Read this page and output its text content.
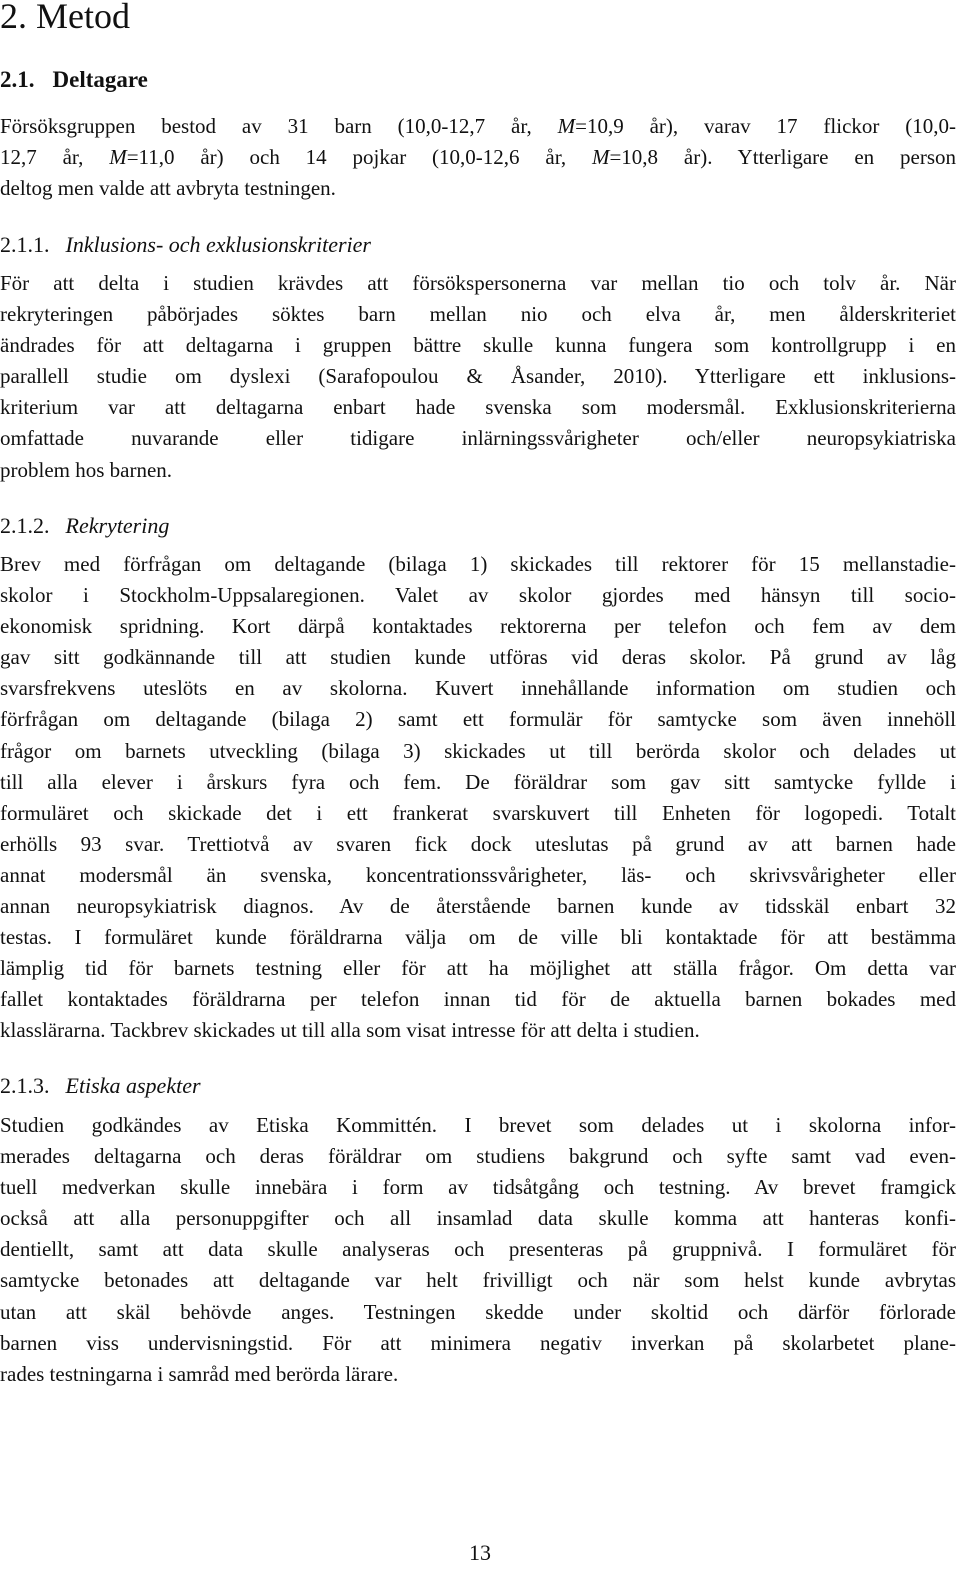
2. Metod
2.1. Deltagare
Försöksgruppen bestod av 31 barn (10,0-12,7 år, M=10,9 år), varav 17 flickor (10,0-
12,7 år, M=11,0 år) och 14 pojkar (10,0-12,6 år, M=10,8 år). Ytterligare en person
deltog men valde att avbryta testningen.
2.1.1. Inklusions- och exklusionskriterier
För att delta i studien krävdes att försökspersonerna var mellan tio och tolv år. När
rekryteringen påbörjades söktes barn mellan nio och elva år, men ålderskriteriet
ändrades för att deltagarna i gruppen bättre skulle kunna fungera som kontrollgrupp i en
parallell studie om dyslexi (Sarafopoulou & Åsander, 2010). Ytterligare ett inklusions-
kriterium var att deltagarna enbart hade svenska som modersmål. Exklusionskriterierna
omfattade nuvarande eller tidigare inlärningssvårigheter och/eller neuropsykiatriska
problem hos barnen.
2.1.2. Rekrytering
Brev med förfrågan om deltagande (bilaga 1) skickades till rektorer för 15 mellanstadie-
skolor i Stockholm-Uppsalaregionen. Valet av skolor gjordes med hänsyn till socio-
ekonomisk spridning. Kort därpå kontaktades rektorerna per telefon och fem av dem
gav sitt godkännande till att studien kunde utföras vid deras skolor. På grund av låg
svarsfrekvens uteslöts en av skolorna. Kuvert innehållande information om studien och
förfrågan om deltagande (bilaga 2) samt ett formulär för samtycke som även innehöll
frågor om barnets utveckling (bilaga 3) skickades ut till berörda skolor och delades ut
till alla elever i årskurs fyra och fem. De föräldrar som gav sitt samtycke fyllde i
formuläret och skickade det i ett frankerat svarskuvert till Enheten för logopedi. Totalt
erhölls 93 svar. Trettiotvå av svaren fick dock uteslutas på grund av att barnen hade
annat modersmål än svenska, koncentrationssvårigheter, läs- och skrivsvårigheter eller
annan neuropsykiatrisk diagnos. Av de återstående barnen kunde av tidsskäl enbart 32
testas. I formuläret kunde föräldrarna välja om de ville bli kontaktade för att bestämma
lämplig tid för barnets testning eller för att ha möjlighet att ställa frågor. Om detta var
fallet kontaktades föräldrarna per telefon innan tid för de aktuella barnen bokades med
klasslärarna. Tackbrev skickades ut till alla som visat intresse för att delta i studien.
2.1.3. Etiska aspekter
Studien godkändes av Etiska Kommittén. I brevet som delades ut i skolorna infor-
merades deltagarna och deras föräldrar om studiens bakgrund och syfte samt vad even-
tuell medverkan skulle innebära i form av tidsåtgång och testning. Av brevet framgick
också att alla personuppgifter och all insamlad data skulle komma att hanteras konfi-
dentiellt, samt att data skulle analyseras och presenteras på gruppnivå. I formuläret för
samtycke betonades att deltagande var helt frivilligt och när som helst kunde avbrytas
utan att skäl behövde anges. Testningen skedde under skoltid och därför förlorade
barnen viss undervisningstid. För att minimera negativ inverkan på skolarbetet plane-
rades testningarna i samråd med berörda lärare.
13
